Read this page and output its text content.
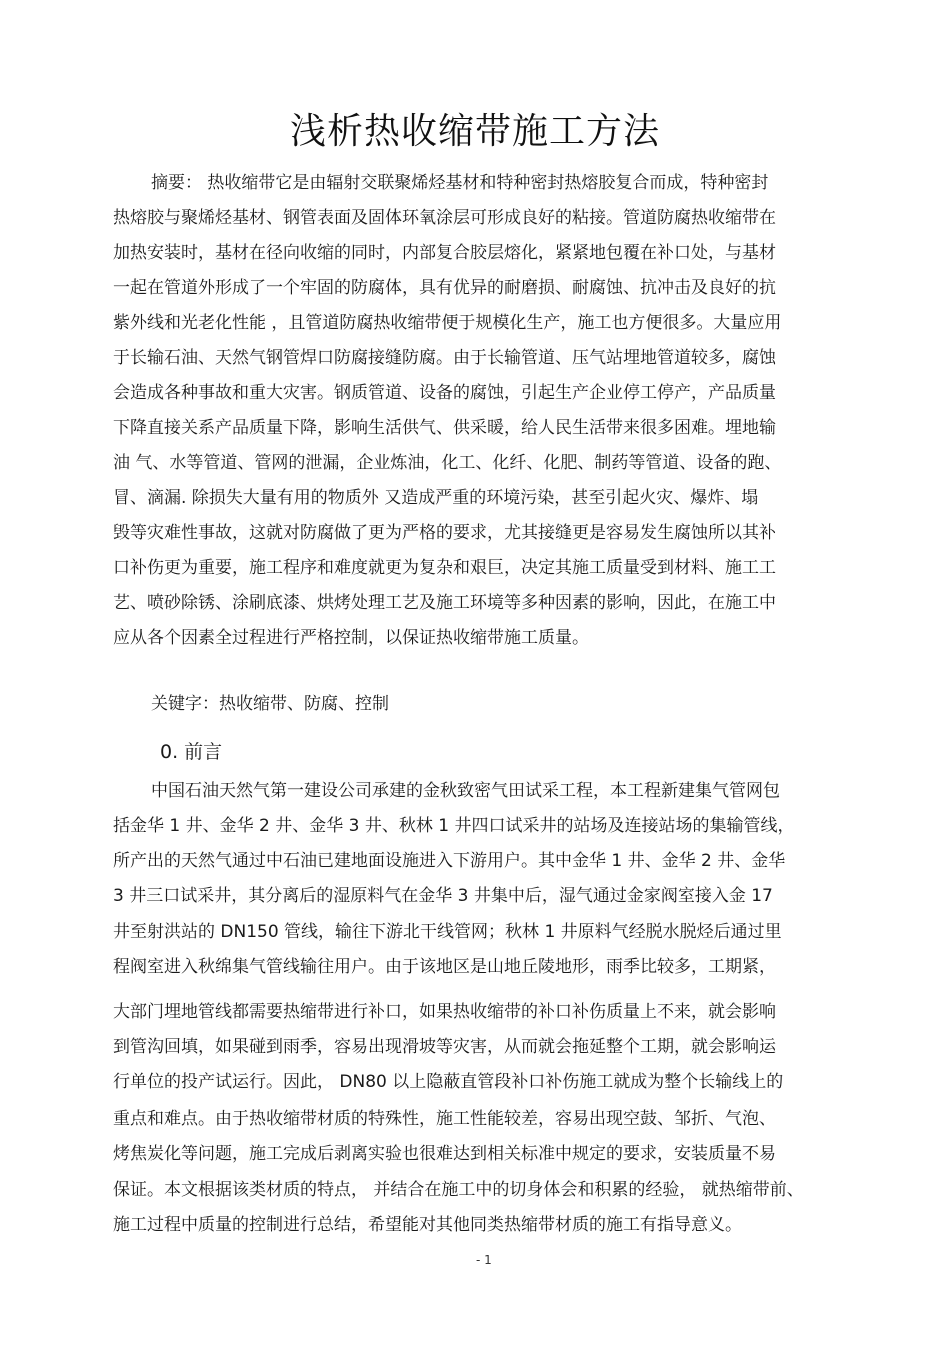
浅析热收缩带施工方法
摘要： 热收缩带它是由辐射交联聚烯烃基材和特种密封热熔胶复合而成，特种密封
热熔胶与聚烯烃基材、钢管表面及固体环氧涂层可形成良好的粘接。管道防腐热收缩带在
加热安装时，基材在径向收缩的同时，内部复合胶层熔化，紧紧地包覆在补口处，与基材
一起在管道外形成了一个牢固的防腐体，具有优异的耐磨损、耐腐蚀、抗冲击及良好的抗
紫外线和光老化性能 ，且管道防腐热收缩带便于规模化生产，施工也方便很多。大量应用
于长输石油、天然气钢管焊口防腐接缝防腐。由于长输管道、压气站埋地管道较多，腐蚀
会造成各种事故和重大灾害。钢质管道、设备的腐蚀，引起生产企业停工停产，产品质量
下降直接关系产品质量下降，影响生活供气、供采暖，给人民生活带来很多困难。埋地输
油 气、水等管道、管网的泄漏，企业炼油，化工、化纤、化肥、制药等管道、设备的跑、
冒、滴漏. 除损失大量有用的物质外 又造成严重的环境污染，甚至引起火灾、爆炸、塌
毁等灾难性事故，这就对防腐做了更为严格的要求，尤其接缝更是容易发生腐蚀所以其补
口补伤更为重要，施工程序和难度就更为复杂和艰巨，决定其施工质量受到材料、施工工
艺、喷砂除锈、涂刷底漆、烘烤处理工艺及施工环境等多种因素的影响，因此，在施工中
应从各个因素全过程进行严格控制，以保证热收缩带施工质量。
关键字：热收缩带、防腐、控制
0. 前言
中国石油天然气第一建设公司承建的金秋致密气田试采工程，本工程新建集气管网包
括金华 1 井、金华 2 井、金华 3 井、秋林 1 井四口试采井的站场及连接站场的集输管线，
所产出的天然气通过中石油已建地面设施进入下游用户。其中金华 1 井、金华 2 井、金华
3 井三口试采井，其分离后的湿原料气在金华 3 井集中后，湿气通过金家阀室接入金 17
井至射洪站的 DN150 管线，输往下游北干线管网；秋林 1 井原料气经脱水脱烃后通过里
程阀室进入秋绵集气管线输往用户。由于该地区是山地丘陵地形，雨季比较多，工期紧，
大部门埋地管线都需要热缩带进行补口，如果热收缩带的补口补伤质量上不来，就会影响
到管沟回填，如果碰到雨季，容易出现滑坡等灾害，从而就会拖延整个工期，就会影响运
行单位的投产试运行。因此， DN80 以上隐蔽直管段补口补伤施工就成为整个长输线上的
重点和难点。由于热收缩带材质的特殊性，施工性能较差，容易出现空鼓、邹折、气泡、
烤焦炭化等问题，施工完成后剥离实验也很难达到相关标准中规定的要求，安装质量不易
保证。本文根据该类材质的特点， 并结合在施工中的切身体会和积累的经验， 就热缩带前、
施工过程中质量的控制进行总结，希望能对其他同类热缩带材质的施工有指导意义。
- 1
